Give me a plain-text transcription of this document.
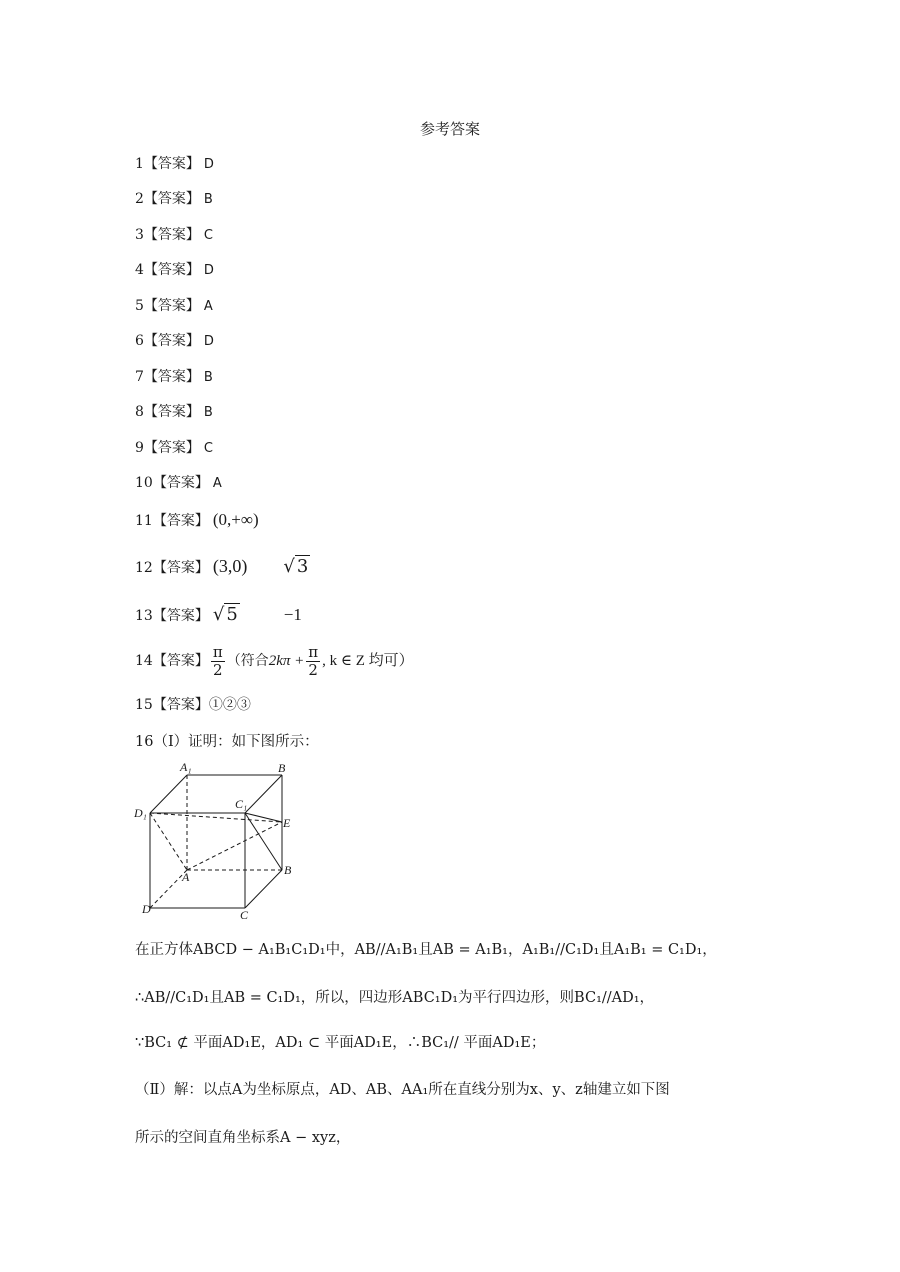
参考答案
1【答案】 D
2【答案】 B
3【答案】 C
4【答案】 D
5【答案】 A
6【答案】 D
7【答案】 B
8【答案】 B
9【答案】 C
10【答案】 A
11【答案】 (0,+∞)
12【答案】 (3,0) √ 3
13【答案】 √ 5	−1
14【答案】 $\frac{\pi}{2}$ （符合$2k\pi + \frac{\pi}{2}$ , k ∈ Z 均可）
15【答案】①②③
16（Ⅰ）证明：如下图所示：
A₁	B
C₁
D₁
E
A	B
C
D
在正方体ABCD − A₁B₁C₁D₁中，AB//A₁B₁且AB = A₁B₁，A₁B₁//C₁D₁且A₁B₁ = C₁D₁，
∴AB//C₁D₁且AB = C₁D₁，所以，四边形ABC₁D₁为平行四边形，则BC₁//AD₁，
∵BC₁ ⊄ 平面AD₁E，AD₁ ⊂ 平面AD₁E，∴BC₁// 平面AD₁E；
（Ⅱ）解：以点A为坐标原点，AD、AB、AA₁所在直线分别为x、y、z轴建立如下图
所示的空间直角坐标系A − xyz，
